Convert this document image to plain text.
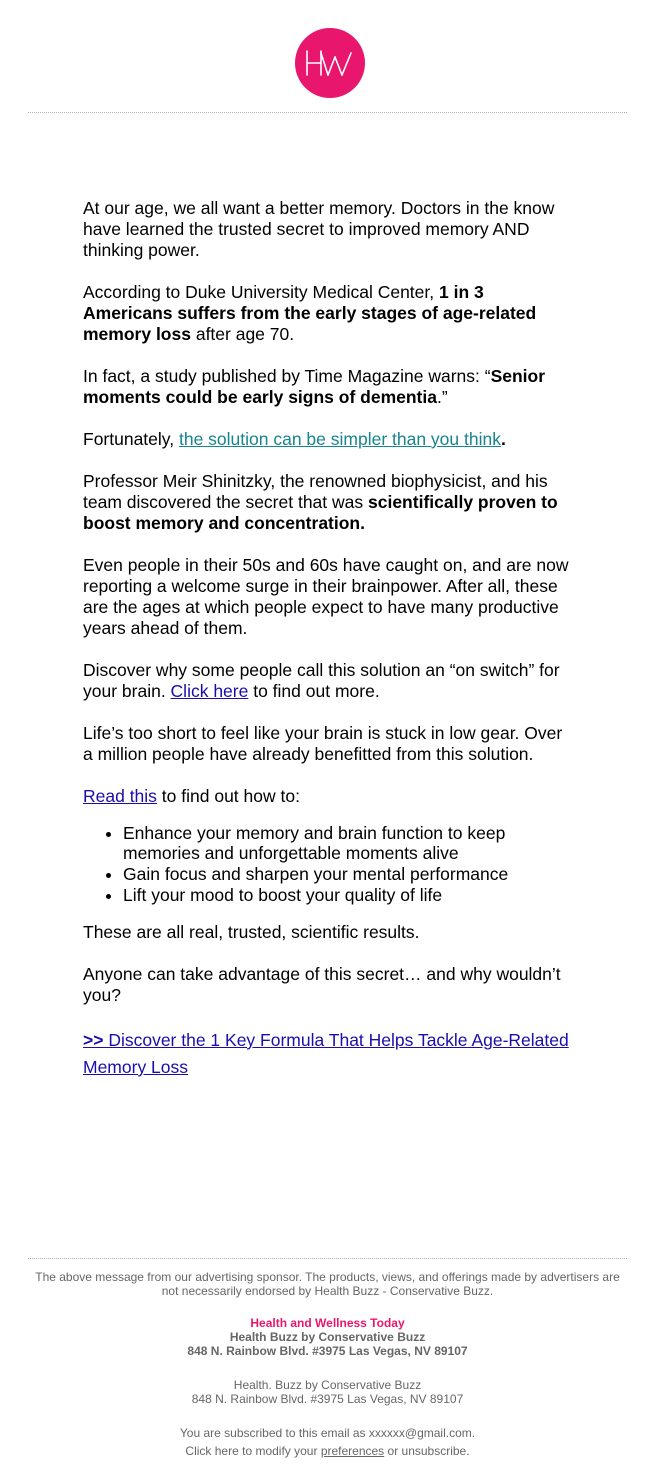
At our age, we all want a better memory. Doctors in the know have learned the trusted secret to improved memory AND thinking power.

According to Duke University Medical Center, 1 in 3 Americans suffers from the early stages of age-related memory loss after age 70.

In fact, a study published by Time Magazine warns: “Senior moments could be early signs of dementia.”

Fortunately, the solution can be simpler than you think.

Professor Meir Shinitzky, the renowned biophysicist, and his team discovered the secret that was scientifically proven to boost memory and concentration.

Even people in their 50s and 60s have caught on, and are now reporting a welcome surge in their brainpower. After all, these are the ages at which people expect to have many productive years ahead of them.

Discover why some people call this solution an “on switch” for your brain. Click here to find out more.

Life’s too short to feel like your brain is stuck in low gear. Over a million people have already benefitted from this solution.

Read this to find out how to:

• Enhance your memory and brain function to keep memories and unforgettable moments alive
• Gain focus and sharpen your mental performance
• Lift your mood to boost your quality of life

These are all real, trusted, scientific results.

Anyone can take advantage of this secret… and why wouldn’t you?

>> Discover the 1 Key Formula That Helps Tackle Age-Related Memory Loss

The above message from our advertising sponsor. The products, views, and offerings made by advertisers are not necessarily endorsed by Health Buzz - Conservative Buzz.

Health and Wellness Today

Health Buzz by Conservative Buzz

848 N. Rainbow Blvd. #3975 Las Vegas, NV 89107

Health. Buzz by Conservative Buzz

848 N. Rainbow Blvd. #3975 Las Vegas, NV 89107

You are subscribed to this email as xxxxxx@gmail.com.

Click here to modify your preferences or unsubscribe.
